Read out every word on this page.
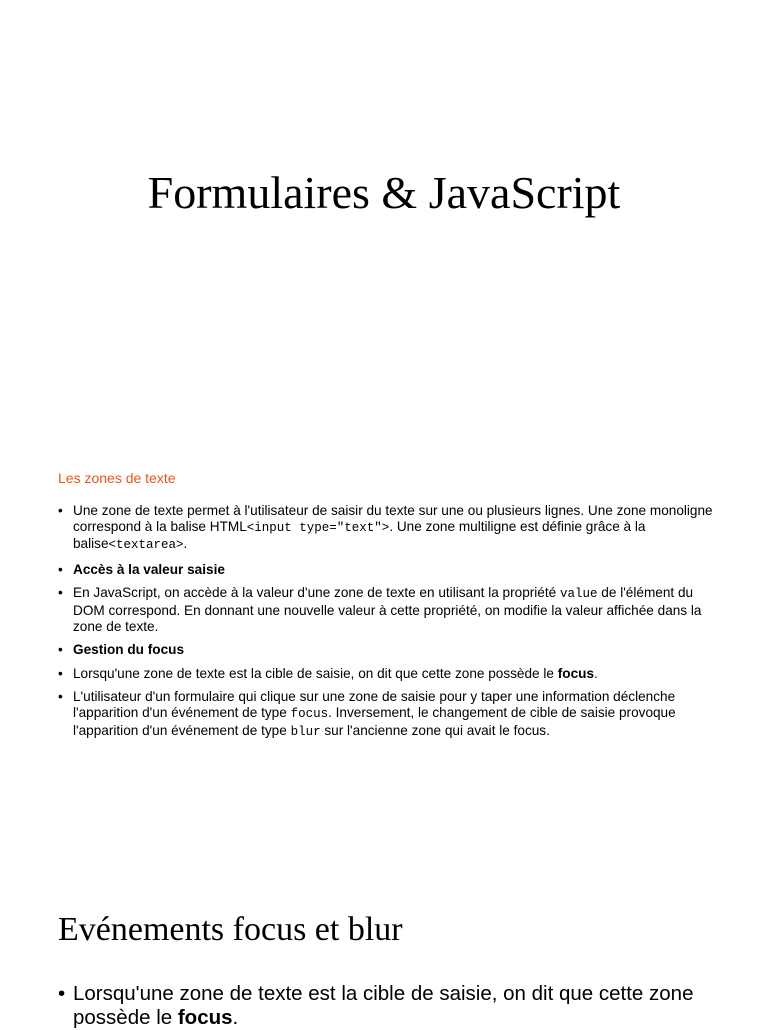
Formulaires & JavaScript
Les zones de texte
• Une zone de texte permet à l'utilisateur de saisir du texte sur une ou plusieurs lignes. Une zone monoligne correspond à la balise HTML<input type="text">. Une zone multiligne est définie grâce à la balise<textarea>.
• Accès à la valeur saisie
• En JavaScript, on accède à la valeur d'une zone de texte en utilisant la propriété value de l'élément du DOM correspond. En donnant une nouvelle valeur à cette propriété, on modifie la valeur affichée dans la zone de texte.
• Gestion du focus
• Lorsqu'une zone de texte est la cible de saisie, on dit que cette zone possède le focus.
• L'utilisateur d'un formulaire qui clique sur une zone de saisie pour y taper une information déclenche l'apparition d'un événement de type focus. Inversement, le changement de cible de saisie provoque l'apparition d'un événement de type blur sur l'ancienne zone qui avait le focus.
Evénements focus et blur
• Lorsqu'une zone de texte est la cible de saisie, on dit que cette zone possède le focus.
